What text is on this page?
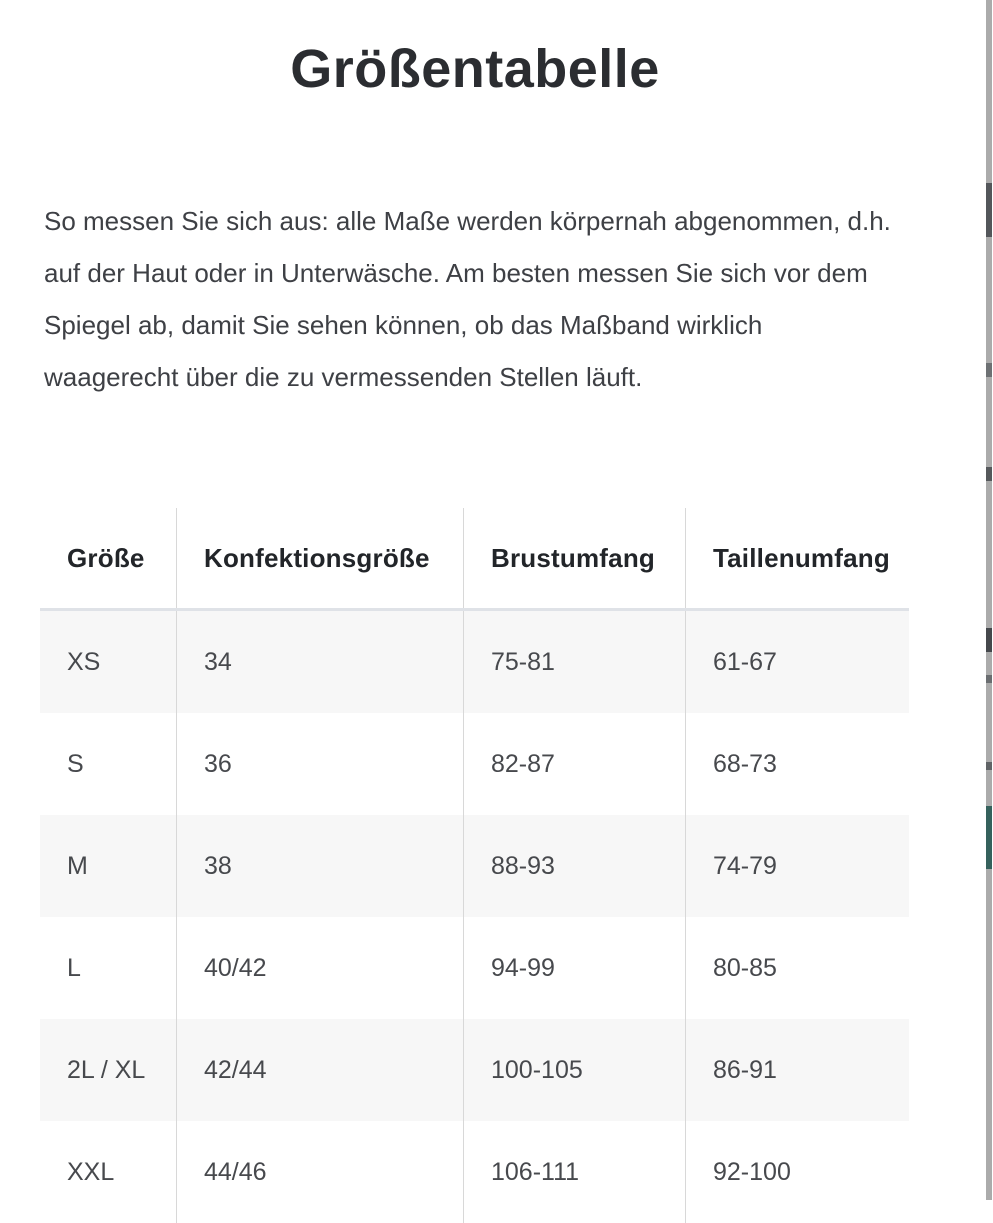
Größentabelle
So messen Sie sich aus: alle Maße werden körpernah abgenommen, d.h.
auf der Haut oder in Unterwäsche. Am besten messen Sie sich vor dem
Spiegel ab, damit Sie sehen können, ob das Maßband wirklich
waagerecht über die zu vermessenden Stellen läuft.
Größe	Konfektionsgröße	Brustumfang	Taillenumfang
XS	34	75-81	61-67
S	36	82-87	68-73
M	38	88-93	74-79
L	40/42	94-99	80-85
2L / XL	42/44	100-105	86-91
XXL	44/46	106-111	92-100
